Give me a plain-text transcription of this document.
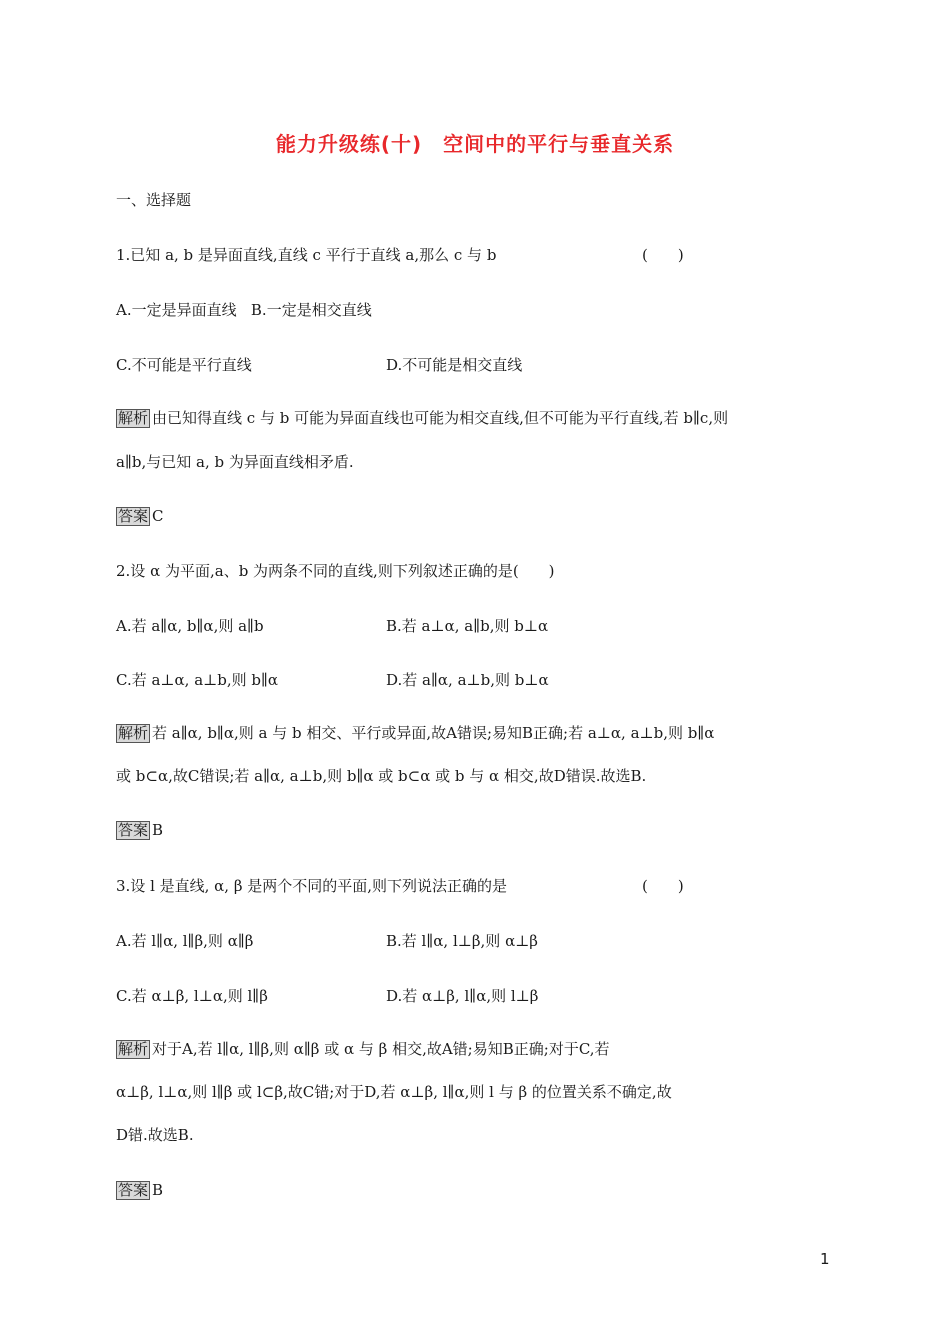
能力升级练(十)　空间中的平行与垂直关系
一、选择题
1.已知 a, b 是异面直线,直线 c 平行于直线 a,那么 c 与 b	(　　)
A.一定是异面直线   B.一定是相交直线
C.不可能是平行直线	D.不可能是相交直线
解析 由已知得直线 c 与 b 可能为异面直线也可能为相交直线,但不可能为平行直线,若 b∥c,则
a∥b,与已知 a, b 为异面直线相矛盾.
答案 C
2.设 α 为平面,a、b 为两条不同的直线,则下列叙述正确的是(　　)
A.若 a∥α, b∥α,则 a∥b	B.若 a⊥α, a∥b,则 b⊥α
C.若 a⊥α, a⊥b,则 b∥α	D.若 a∥α, a⊥b,则 b⊥α
解析 若 a∥α, b∥α,则 a 与 b 相交、平行或异面,故A错误;易知B正确;若 a⊥α, a⊥b,则 b∥α
或 b⊂α,故C错误;若 a∥α, a⊥b,则 b∥α 或 b⊂α 或 b 与 α 相交,故D错误.故选B.
答案 B
3.设 l 是直线, α, β 是两个不同的平面,则下列说法正确的是	(　　)
A.若 l∥α, l∥β,则 α∥β	B.若 l∥α, l⊥β,则 α⊥β
C.若 α⊥β, l⊥α,则 l∥β	D.若 α⊥β, l∥α,则 l⊥β
解析 对于A,若 l∥α, l∥β,则 α∥β 或 α 与 β 相交,故A错;易知B正确;对于C,若
α⊥β, l⊥α,则 l∥β 或 l⊂β,故C错;对于D,若 α⊥β, l∥α,则 l 与 β 的位置关系不确定,故
D错.故选B.
答案 B
1
